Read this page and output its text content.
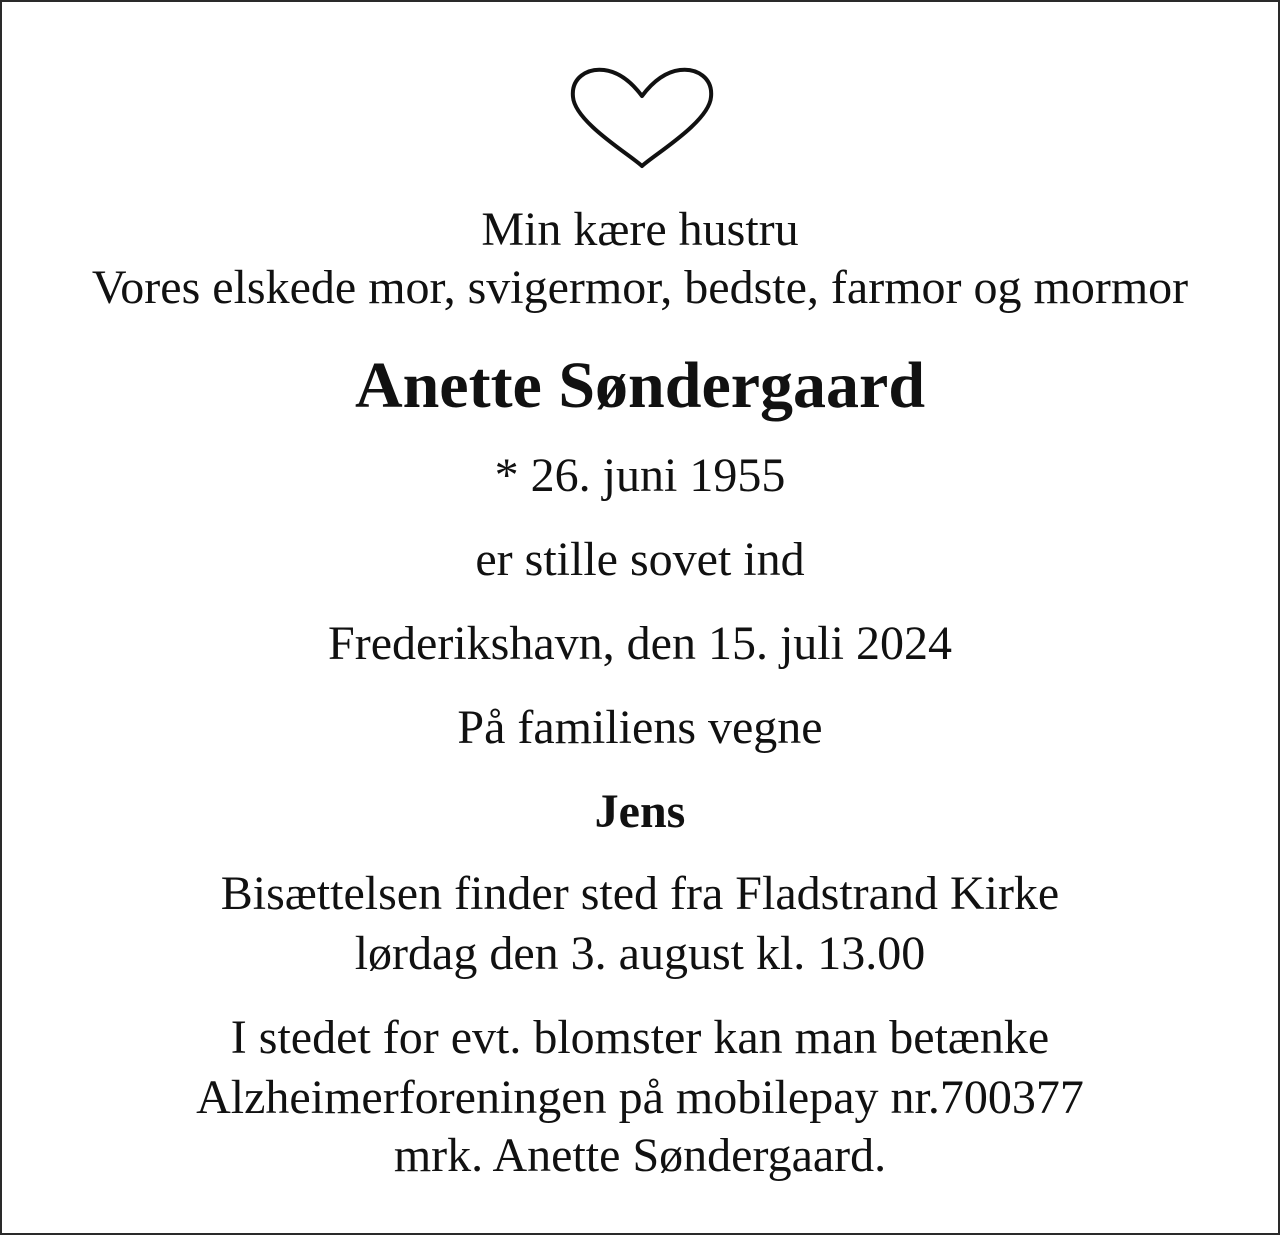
Min kære hustru
Vores elskede mor, svigermor, bedste, farmor og mormor
Anette Søndergaard
* 26. juni 1955
er stille sovet ind
Frederikshavn, den 15. juli 2024
På familiens vegne
Jens
Bisættelsen finder sted fra Fladstrand Kirke
lørdag den 3. august kl. 13.00
I stedet for evt. blomster kan man betænke
Alzheimerforeningen på mobilepay nr.700377
mrk. Anette Søndergaard.
